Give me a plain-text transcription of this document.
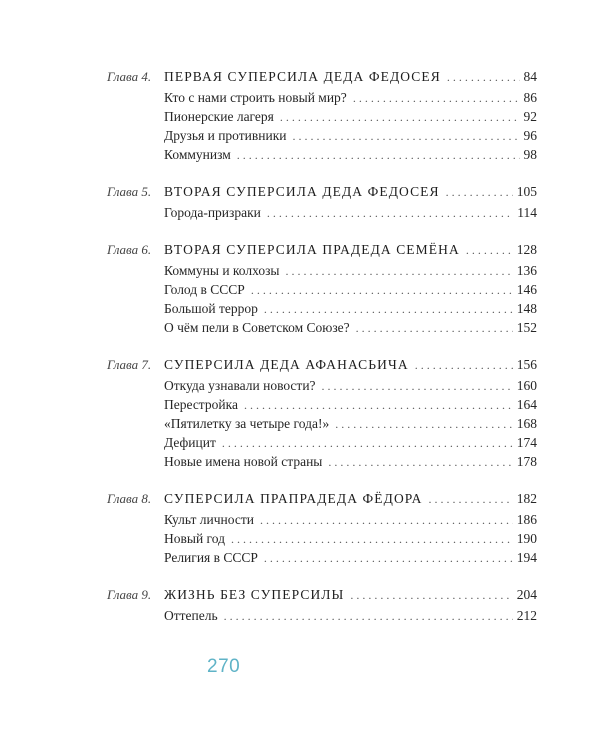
Глава 4. ПЕРВАЯ СУПЕРСИЛА ДЕДА ФЕДОСЕЯ . . .	84
Кто с нами строить новый мир? . . .	86
Пионерские лагеря . . .	92
Друзья и противники . . .	96
Коммунизм . . .	98
Глава 5. ВТОРАЯ СУПЕРСИЛА ДЕДА ФЕДОСЕЯ . . .	105
Города-призраки . . .	114
Глава 6. ВТОРАЯ СУПЕРСИЛА ПРАДЕДА СЕМЁНА . . .	128
Коммуны и колхозы . . .	136
Голод в СССР . . .	146
Большой террор . . .	148
О чём пели в Советском Союзе? . . .	152
Глава 7. СУПЕРСИЛА ДЕДА АФАНАСЬИЧА . . .	156
Откуда узнавали новости? . . .	160
Перестройка . . .	164
«Пятилетку за четыре года!» . . .	168
Дефицит . . .	174
Новые имена новой страны . . .	178
Глава 8. СУПЕРСИЛА ПРАПРАДЕДА ФЁДОРА . . .	182
Культ личности . . .	186
Новый год . . .	190
Религия в СССР . . .	194
Глава 9. ЖИЗНЬ БЕЗ СУПЕРСИЛЫ . . .	204
Оттепель . . .	212
270
